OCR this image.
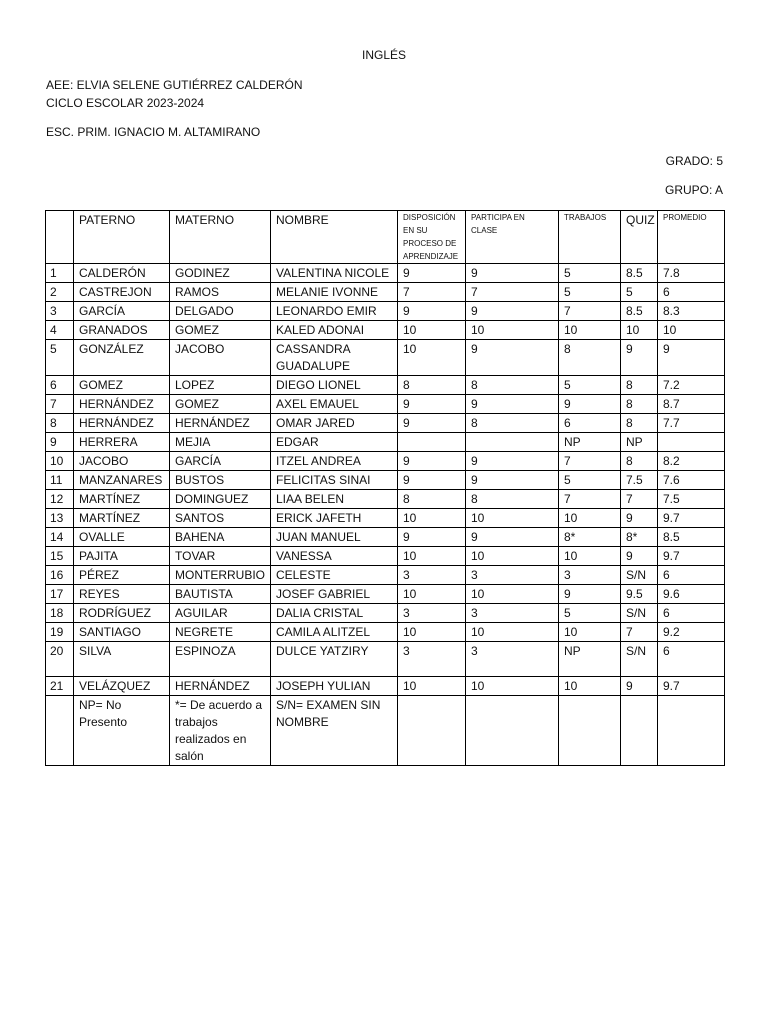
INGLÉS
AEE: ELVIA SELENE GUTIÉRREZ CALDERÓN
CICLO ESCOLAR 2023-2024
ESC. PRIM. IGNACIO M. ALTAMIRANO
GRADO: 5
GRUPO: A
	PATERNO	MATERNO	NOMBRE	DISPOSICIÓN EN SU PROCESO DE APRENDIZAJE	PARTICIPA EN CLASE	TRABAJOS	QUIZ	PROMEDIO
1	CALDERÓN	GODINEZ	VALENTINA NICOLE	9	9	5	8.5	7.8
2	CASTREJON	RAMOS	MELANIE IVONNE	7	7	5	5	6
3	GARCÍA	DELGADO	LEONARDO EMIR	9	9	7	8.5	8.3
4	GRANADOS	GOMEZ	KALED ADONAI	10	10	10	10	10
5	GONZÁLEZ	JACOBO	CASSANDRA GUADALUPE	10	9	8	9	9
6	GOMEZ	LOPEZ	DIEGO LIONEL	8	8	5	8	7.2
7	HERNÁNDEZ	GOMEZ	AXEL EMAUEL	9	9	9	8	8.7
8	HERNÁNDEZ	HERNÁNDEZ	OMAR JARED	9	8	6	8	7.7
9	HERRERA	MEJIA	EDGAR			NP	NP	
10	JACOBO	GARCÍA	ITZEL ANDREA	9	9	7	8	8.2
11	MANZANARES	BUSTOS	FELICITAS SINAI	9	9	5	7.5	7.6
12	MARTÍNEZ	DOMINGUEZ	LIAA BELEN	8	8	7	7	7.5
13	MARTÍNEZ	SANTOS	ERICK JAFETH	10	10	10	9	9.7
14	OVALLE	BAHENA	JUAN MANUEL	9	9	8*	8*	8.5
15	PAJITA	TOVAR	VANESSA	10	10	10	9	9.7
16	PÉREZ	MONTERRUBIO	CELESTE	3	3	3	S/N	6
17	REYES	BAUTISTA	JOSEF GABRIEL	10	10	9	9.5	9.6
18	RODRÍGUEZ	AGUILAR	DALIA CRISTAL	3	3	5	S/N	6
19	SANTIAGO	NEGRETE	CAMILA ALITZEL	10	10	10	7	9.2
20	SILVA	ESPINOZA	DULCE YATZIRY	3	3	NP	S/N	6
21	VELÁZQUEZ	HERNÁNDEZ	JOSEPH YULIAN	10	10	10	9	9.7
	NP= No Presento	*= De acuerdo a trabajos realizados en salón	S/N= EXAMEN SIN NOMBRE					
